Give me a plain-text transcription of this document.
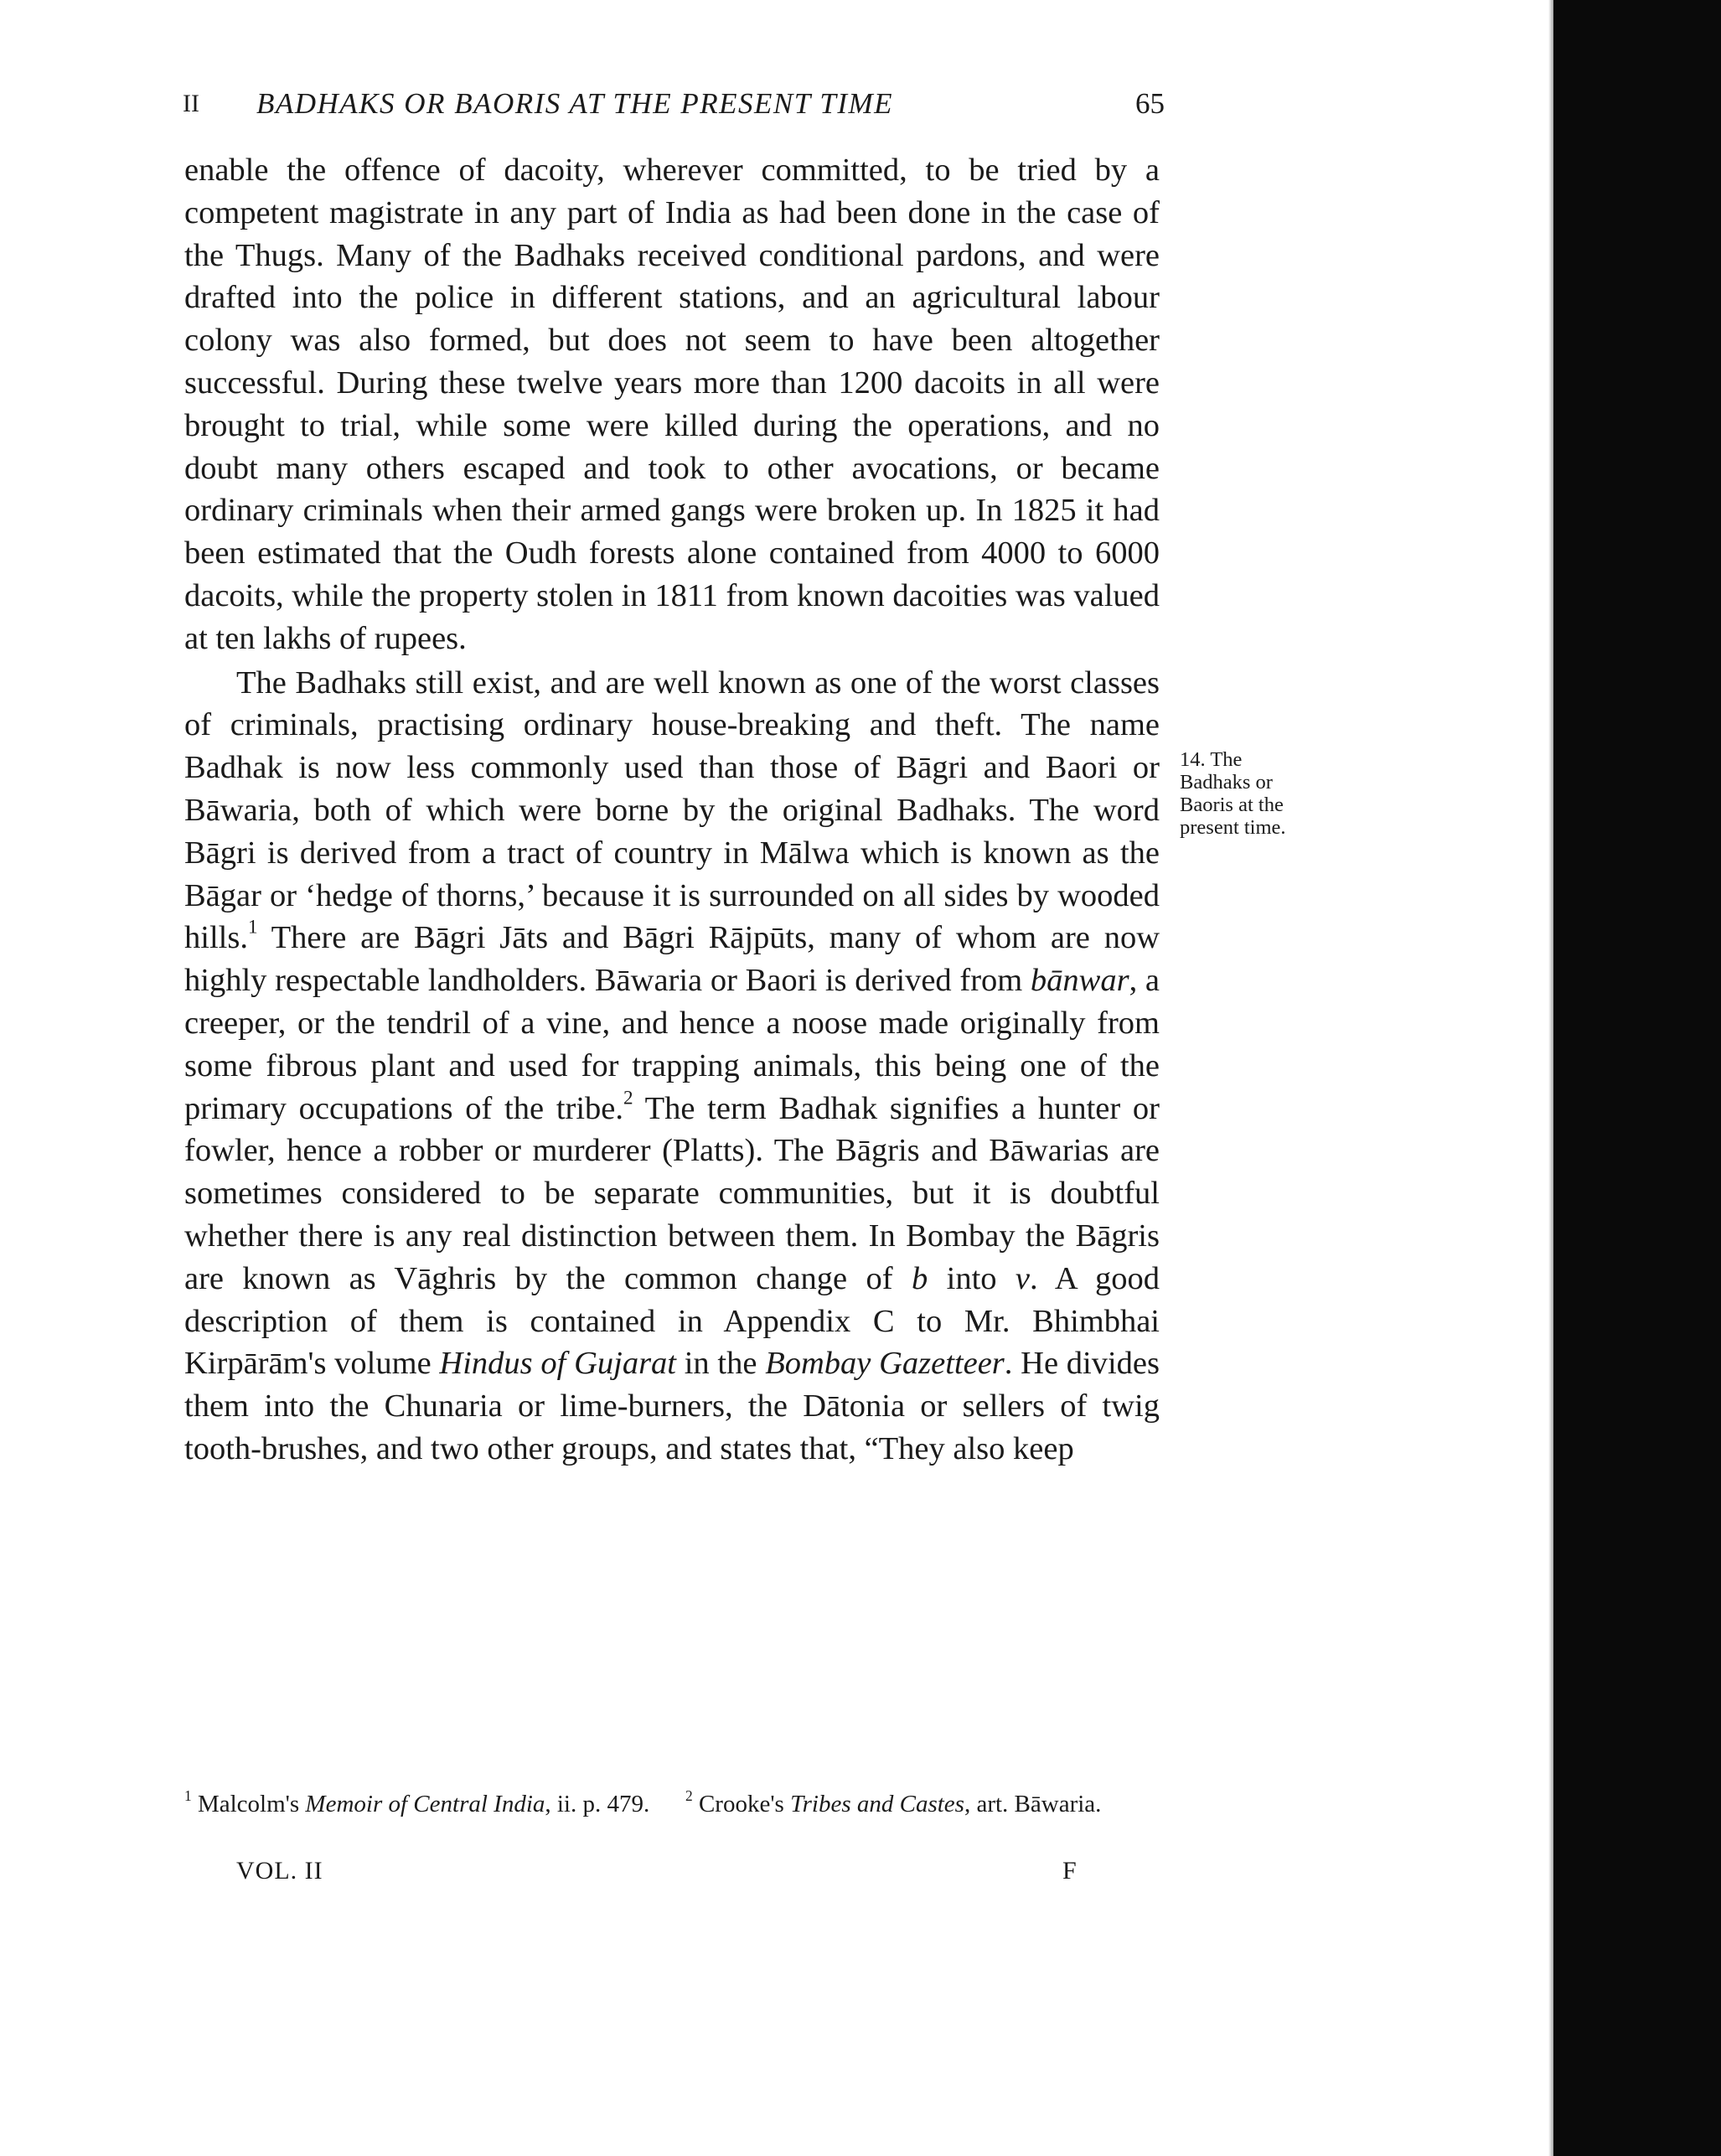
II BADHAKS OR BAORIS AT THE PRESENT TIME	65

enable the offence of dacoity, wherever committed, to be tried by a competent magistrate in any part of India as had been done in the case of the Thugs. Many of the Badhaks received conditional pardons, and were drafted into the police in different stations, and an agricultural labour colony was also formed, but does not seem to have been altogether successful. During these twelve years more than 1200 dacoits in all were brought to trial, while some were killed during the operations, and no doubt many others escaped and took to other avocations, or became ordinary criminals when their armed gangs were broken up. In 1825 it had been estimated that the Oudh forests alone contained from 4000 to 6000 dacoits, while the property stolen in 1811 from known dacoities was valued at ten lakhs of rupees.

The Badhaks still exist, and are well known as one of the worst classes of criminals, practising ordinary house-breaking and theft. The name Badhak is now less commonly used than those of Bāgri and Baori or Bāwaria, both of which were borne by the original Badhaks. The word Bāgri is derived from a tract of country in Mālwa which is known as the Bāgar or ‘hedge of thorns,’ because it is surrounded on all sides by wooded hills.$^1$ There are Bāgri Jāts and Bāgri Rājpūts, many of whom are now highly respectable landholders. Bāwaria or Baori is derived from bānwar, a creeper, or the tendril of a vine, and hence a noose made originally from some fibrous plant and used for trapping animals, this being one of the primary occupations of the tribe.$^2$ The term Badhak signifies a hunter or fowler, hence a robber or murderer (Platts). The Bāgris and Bāwarias are sometimes considered to be separate communities, but it is doubtful whether there is any real distinction between them. In Bombay the Bāgris are known as Vāghris by the common change of b into v. A good description of them is contained in Appendix C to Mr. Bhimbhai Kirpārām's volume Hindus of Gujarat in the Bombay Gazetteer. He divides them into the Chunaria or lime-burners, the Dātonia or sellers of twig tooth-brushes, and two other groups, and states that, “They also keep

14. The Badhaks or Baoris at the present time.
$^1$ Malcolm's Memoir of Central India, ii. p. 479.	$^2$ Crooke's Tribes and Castes, art. Bāwaria.
VOL. II	F
